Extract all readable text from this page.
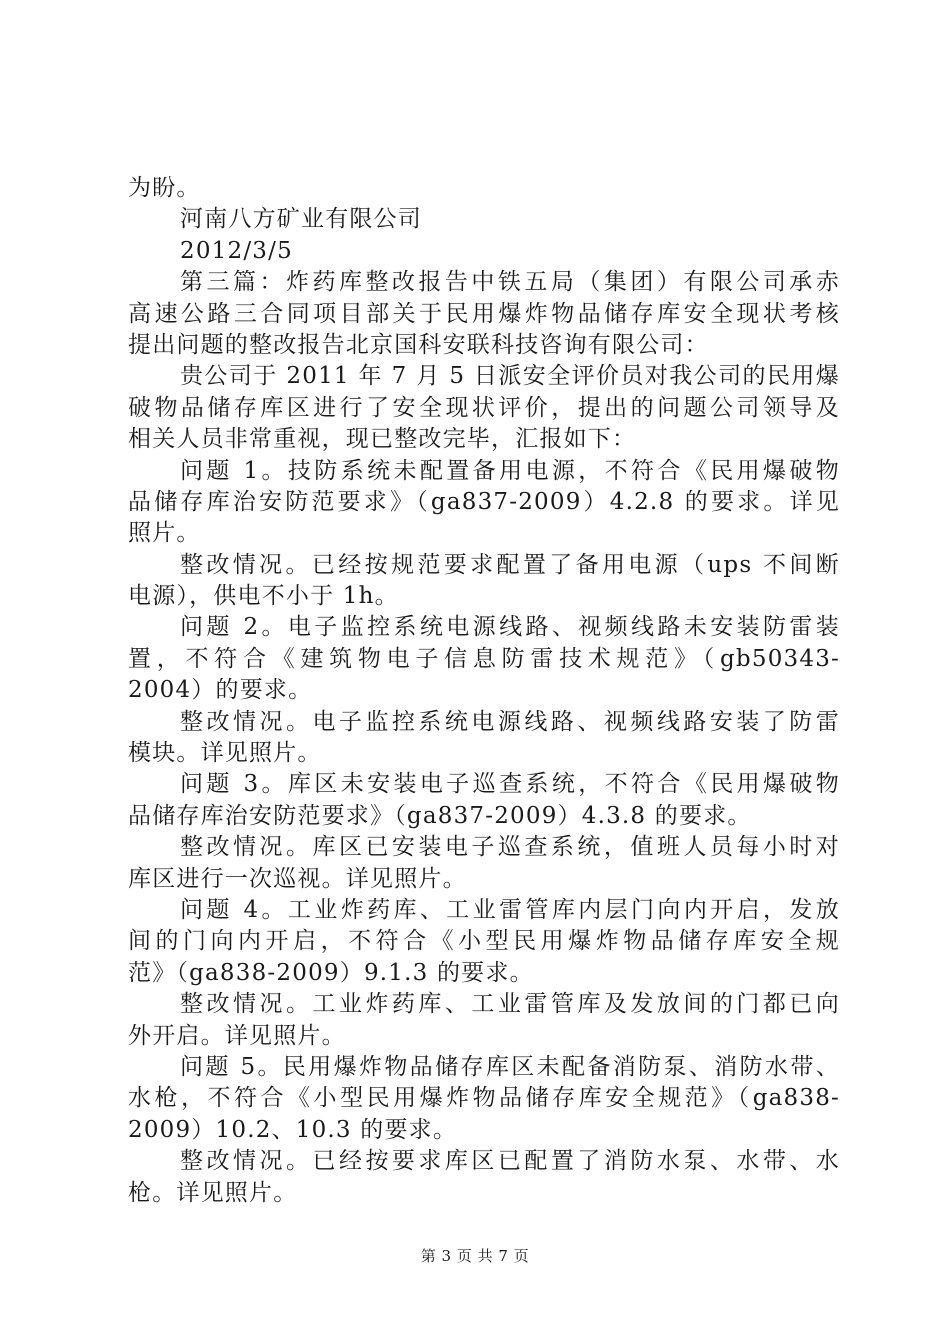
为盼。
河南八方矿业有限公司
2012/3/5
第三篇：炸药库整改报告中铁五局（集团）有限公司承赤
高速公路三合同项目部关于民用爆炸物品储存库安全现状考核
提出问题的整改报告北京国科安联科技咨询有限公司：
贵公司于 2011 年 7 月 5 日派安全评价员对我公司的民用爆
破物品储存库区进行了安全现状评价，提出的问题公司领导及
相关人员非常重视，现已整改完毕，汇报如下：
问题 1。技防系统未配置备用电源，不符合《民用爆破物
品储存库治安防范要求》（ga837-2009）4.2.8 的要求。详见
照片。
整改情况。已经按规范要求配置了备用电源（ups 不间断
电源），供电不小于 1h。
问题 2。电子监控系统电源线路、视频线路未安装防雷装
置，不符合《建筑物电子信息防雷技术规范》（gb50343-
2004）的要求。
整改情况。电子监控系统电源线路、视频线路安装了防雷
模块。详见照片。
问题 3。库区未安装电子巡查系统，不符合《民用爆破物
品储存库治安防范要求》（ga837-2009）4.3.8 的要求。
整改情况。库区已安装电子巡查系统，值班人员每小时对
库区进行一次巡视。详见照片。
问题 4。工业炸药库、工业雷管库内层门向内开启，发放
间的门向内开启，不符合《小型民用爆炸物品储存库安全规
范》（ga838-2009）9.1.3 的要求。
整改情况。工业炸药库、工业雷管库及发放间的门都已向
外开启。详见照片。
问题 5。民用爆炸物品储存库区未配备消防泵、消防水带、
水枪，不符合《小型民用爆炸物品储存库安全规范》（ga838-
2009）10.2、10.3 的要求。
整改情况。已经按要求库区已配置了消防水泵、水带、水
枪。详见照片。
第 3 页 共 7 页
